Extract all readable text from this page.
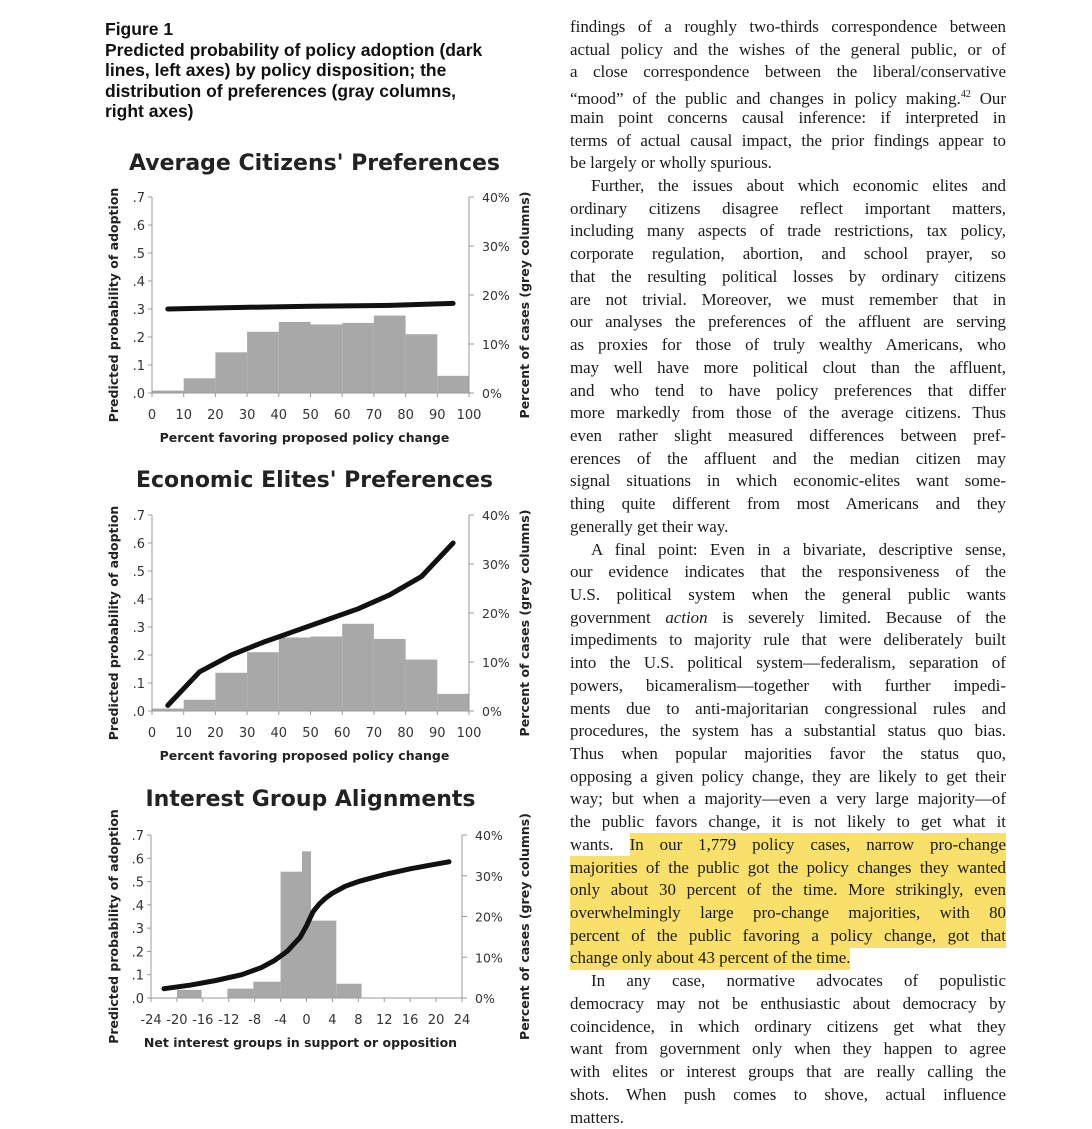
Average Citizens' Preferences
.0
.1
.2
.3
.4
.5
.6
.7
0%
10%
20%
30%
40%
0 10 20 30 40 50 60 70 80 90 100
Percent favoring proposed policy change
Predicted probability of adoption	Percent of cases (grey columns)
Economic Elites' Preferences
.0
.1
.2
.3
.4
.5
.6
.7
0%
10%
20%
30%
40%
0 10 20 30 40 50 60 70 80 90 100
Percent favoring proposed policy change
Predicted probability of adoption	Percent of cases (grey columns)
Interest Group Alignments
.0
.1
.2
.3
.4
.5
.6
.7
0%
10%
20%
30%
40%
-24 -20 -16 -12 -8 -4 0 4 8 12 16 20 24
Net interest groups in support or opposition
Predicted probability of adoption	Percent of cases (grey columns)
Figure 1
Predicted probability of policy adoption (dark
lines, left axes) by policy disposition; the
distribution of preferences (gray columns,
right axes)
findings of a roughly two-thirds correspondence between
actual policy and the wishes of the general public, or of
a close correspondence between the liberal/conservative
“mood” of the public and changes in policy making.$^{42}$ Our
main point concerns causal inference: if interpreted in
terms of actual causal impact, the prior findings appear to
be largely or wholly spurious.
Further, the issues about which economic elites and
ordinary citizens disagree reflect important matters,
including many aspects of trade restrictions, tax policy,
corporate regulation, abortion, and school prayer, so
that the resulting political losses by ordinary citizens
are not trivial. Moreover, we must remember that in
our analyses the preferences of the affluent are serving
as proxies for those of truly wealthy Americans, who
may well have more political clout than the affluent,
and who tend to have policy preferences that differ
more markedly from those of the average citizens. Thus
even rather slight measured differences between pref-
erences of the affluent and the median citizen may
signal situations in which economic-elites want some-
thing quite different from most Americans and they
generally get their way.
A final point: Even in a bivariate, descriptive sense,
our evidence indicates that the responsiveness of the
U.S. political system when the general public wants
government action is severely limited. Because of the
impediments to majority rule that were deliberately built
into the U.S. political system—federalism, separation of
powers, bicameralism—together with further impedi-
ments due to anti-majoritarian congressional rules and
procedures, the system has a substantial status quo bias.
Thus when popular majorities favor the status quo,
opposing a given policy change, they are likely to get their
way; but when a majority—even a very large majority—of
the public favors change, it is not likely to get what it
wants. In our 1,779 policy cases, narrow pro-change
majorities of the public got the policy changes they wanted
only about 30 percent of the time. More strikingly, even
overwhelmingly large pro-change majorities, with 80
percent of the public favoring a policy change, got that
change only about 43 percent of the time.
In any case, normative advocates of populistic
democracy may not be enthusiastic about democracy by
coincidence, in which ordinary citizens get what they
want from government only when they happen to agree
with elites or interest groups that are really calling the
shots. When push comes to shove, actual influence
matters.
